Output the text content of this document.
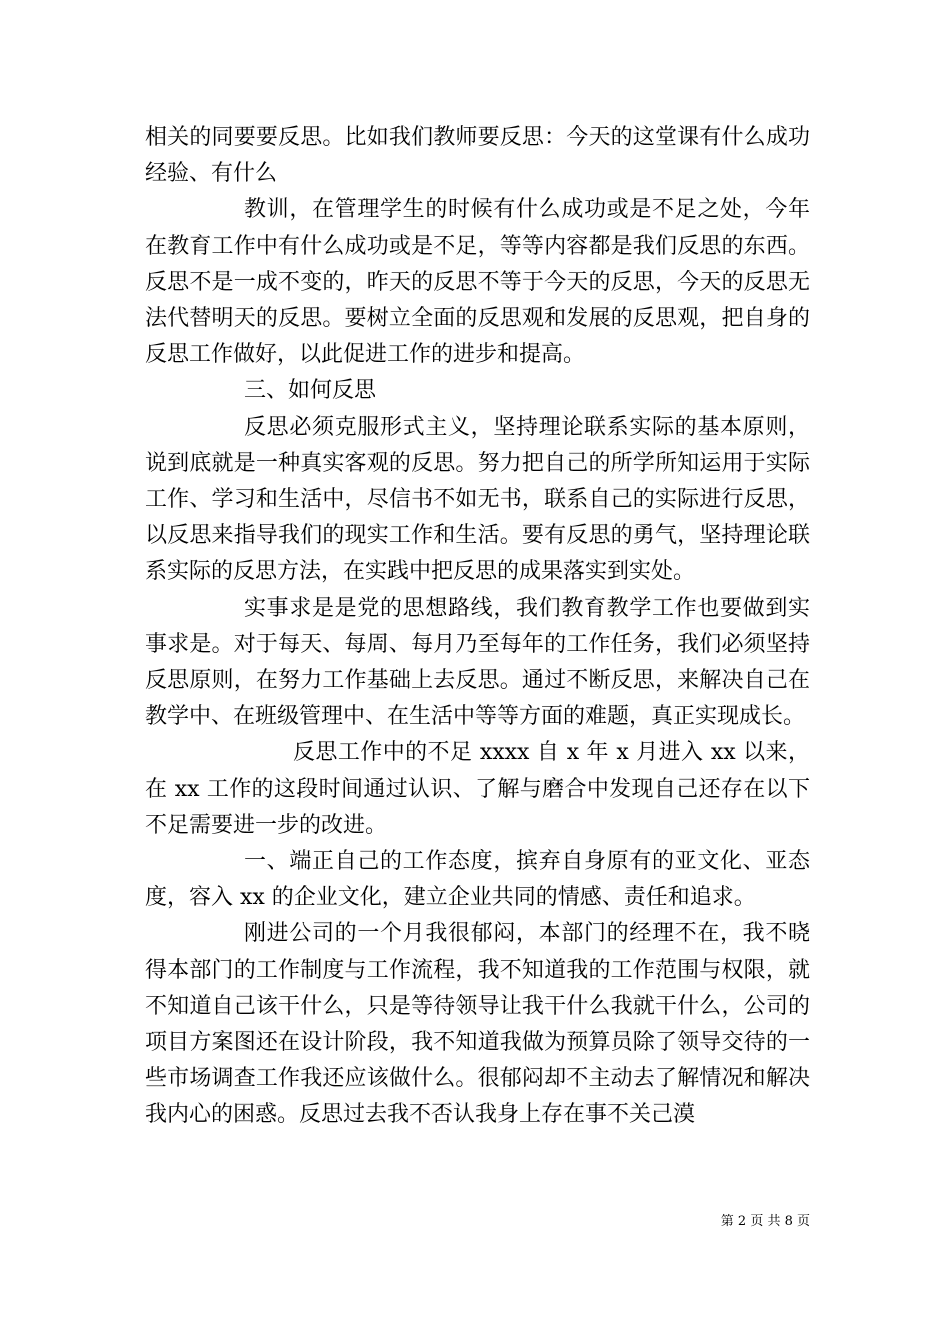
相关的同要要反思。比如我们教师要反思：今天的这堂课有什么成功经验、有什么

教训，在管理学生的时候有什么成功或是不足之处，今年在教育工作中有什么成功或是不足，等等内容都是我们反思的东西。反思不是一成不变的，昨天的反思不等于今天的反思，今天的反思无法代替明天的反思。要树立全面的反思观和发展的反思观，把自身的反思工作做好，以此促进工作的进步和提高。

三、如何反思

反思必须克服形式主义，坚持理论联系实际的基本原则，说到底就是一种真实客观的反思。努力把自己的所学所知运用于实际工作、学习和生活中，尽信书不如无书，联系自己的实际进行反思，以反思来指导我们的现实工作和生活。要有反思的勇气，坚持理论联系实际的反思方法，在实践中把反思的成果落实到实处。

实事求是是党的思想路线，我们教育教学工作也要做到实事求是。对于每天、每周、每月乃至每年的工作任务，我们必须坚持反思原则，在努力工作基础上去反思。通过不断反思，来解决自己在教学中、在班级管理中、在生活中等等方面的难题，真正实现成长。

反思工作中的不足 xxxx 自 x 年 x 月进入 xx 以来，在 xx 工作的这段时间通过认识、了解与磨合中发现自己还存在以下不足需要进一步的改进。

一、端正自己的工作态度，摈弃自身原有的亚文化、亚态度，容入 xx 的企业文化，建立企业共同的情感、责任和追求。

刚进公司的一个月我很郁闷，本部门的经理不在，我不晓得本部门的工作制度与工作流程，我不知道我的工作范围与权限，就不知道自己该干什么，只是等待领导让我干什么我就干什么，公司的项目方案图还在设计阶段，我不知道我做为预算员除了领导交待的一些市场调查工作我还应该做什么。很郁闷却不主动去了解情况和解决我内心的困惑。反思过去我不否认我身上存在事不关己漠

第 2 页 共 8 页
